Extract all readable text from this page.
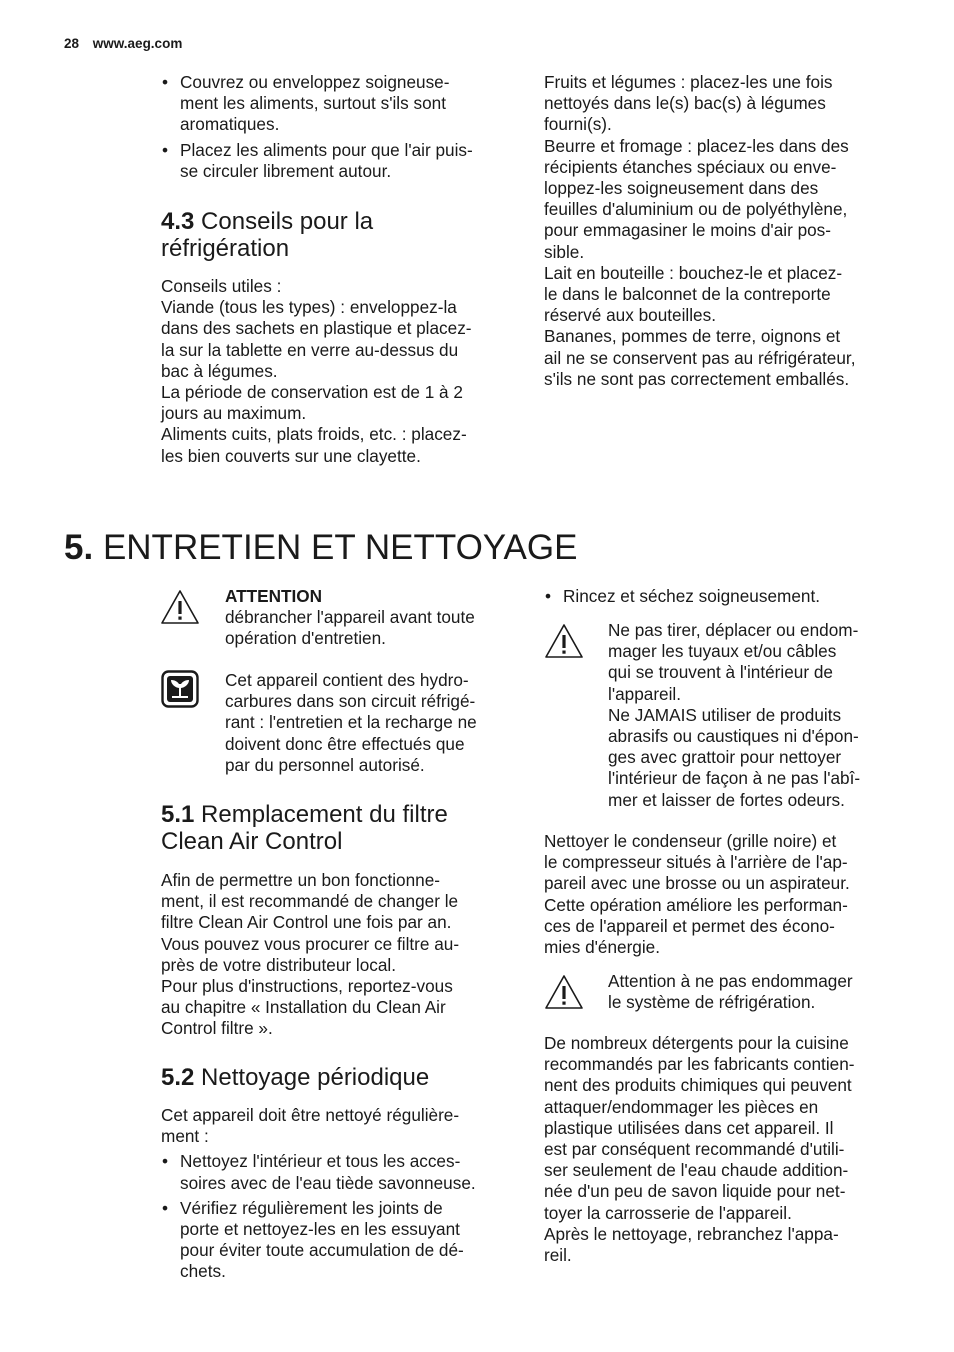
28 www.aeg.com

• Couvrez ou enveloppez soigneuse-
ment les aliments, surtout s'ils sont
aromatiques.

• Placez les aliments pour que l'air puis-
se circuler librement autour.

4.3 Conseils pour la
réfrigération

Conseils utiles :
Viande (tous les types) : enveloppez-la
dans des sachets en plastique et placez-
la sur la tablette en verre au-dessus du
bac à légumes.
La période de conservation est de 1 à 2
jours au maximum.
Aliments cuits, plats froids, etc. : placez-
les bien couverts sur une clayette.

Fruits et légumes : placez-les une fois
nettoyés dans le(s) bac(s) à légumes
fourni(s).
Beurre et fromage : placez-les dans des
récipients étanches spéciaux ou enve-
loppez-les soigneusement dans des
feuilles d'aluminium ou de polyéthylène,
pour emmagasiner le moins d'air pos-
sible.
Lait en bouteille : bouchez-le et placez-
le dans le balconnet de la contreporte
réservé aux bouteilles.
Bananes, pommes de terre, oignons et
ail ne se conservent pas au réfrigérateur,
s'ils ne sont pas correctement emballés.

5. ENTRETIEN ET NETTOYAGE

ATTENTION

débrancher l'appareil avant toute
opération d'entretien.

Cet appareil contient des hydro-
carbures dans son circuit réfrigé-
rant : l'entretien et la recharge ne
doivent donc être effectués que
par du personnel autorisé.

5.1 Remplacement du filtre
Clean Air Control

Afin de permettre un bon fonctionne-
ment, il est recommandé de changer le
filtre Clean Air Control une fois par an.
Vous pouvez vous procurer ce filtre au-
près de votre distributeur local.
Pour plus d'instructions, reportez-vous
au chapitre « Installation du Clean Air
Control filtre ».

5.2 Nettoyage périodique

Cet appareil doit être nettoyé régulière-
ment :

• Nettoyez l'intérieur et tous les acces-
soires avec de l'eau tiède savonneuse.

• Vérifiez régulièrement les joints de
porte et nettoyez-les en les essuyant
pour éviter toute accumulation de dé-
chets.

• Rincez et séchez soigneusement.

Ne pas tirer, déplacer ou endom-
mager les tuyaux et/ou câbles
qui se trouvent à l'intérieur de
l'appareil.
Ne JAMAIS utiliser de produits
abrasifs ou caustiques ni d'épon-
ges avec grattoir pour nettoyer
l'intérieur de façon à ne pas l'abî-
mer et laisser de fortes odeurs.

Nettoyer le condenseur (grille noire) et
le compresseur situés à l'arrière de l'ap-
pareil avec une brosse ou un aspirateur.
Cette opération améliore les performan-
ces de l'appareil et permet des écono-
mies d'énergie.

Attention à ne pas endommager
le système de réfrigération.

De nombreux détergents pour la cuisine
recommandés par les fabricants contien-
nent des produits chimiques qui peuvent
attaquer/endommager les pièces en
plastique utilisées dans cet appareil. Il
est par conséquent recommandé d'utili-
ser seulement de l'eau chaude addition-
née d'un peu de savon liquide pour net-
toyer la carrosserie de l'appareil.
Après le nettoyage, rebranchez l'appa-
reil.
